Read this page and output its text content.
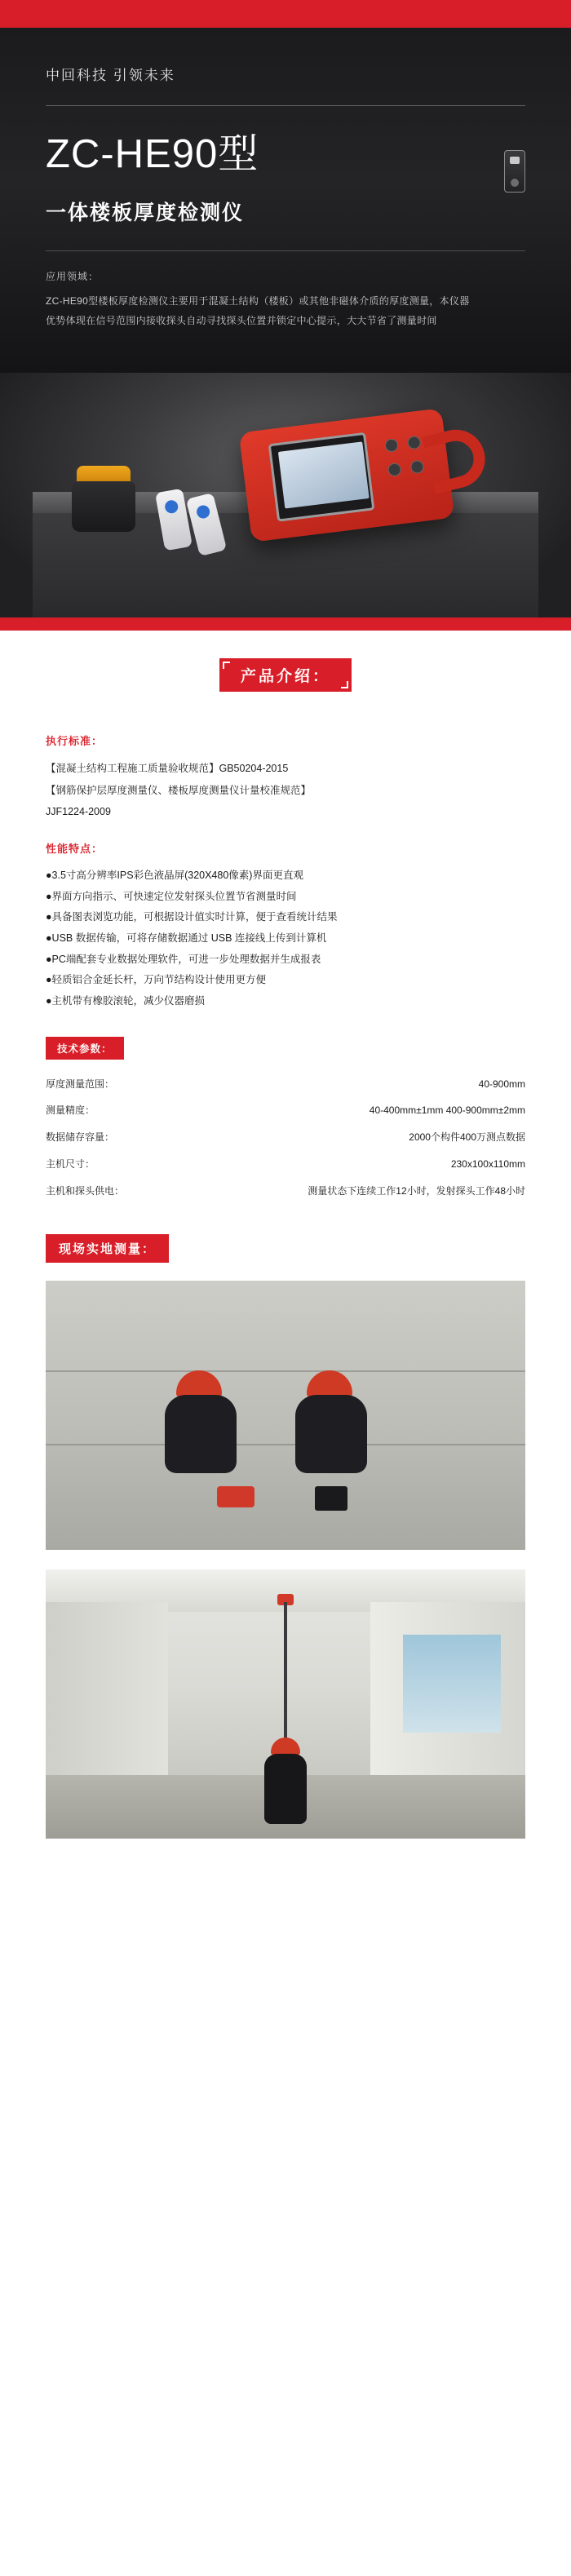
中回科技 引领未来
ZC-HE90型
一体楼板厚度检测仪
应用领域：
ZC-HE90型楼板厚度检测仪主要用于混凝土结构（楼板）或其他非磁体介质的厚度测量，本仪器优势体现在信号范围内接收探头自动寻找探头位置并锁定中心提示，大大节省了测量时间
产品介绍：
执行标准：
【混凝土结构工程施工质量验收规范】GB50204-2015
【钢筋保护层厚度测量仪、楼板厚度测量仪计量校准规范】
JJF1224-2009
性能特点：
●3.5寸高分辨率IPS彩色液晶屏(320X480像素)界面更直观
●界面方向指示、可快速定位发射探头位置节省测量时间
●具备图表浏览功能，可根据设计值实时计算，便于查看统计结果
●USB 数据传输，可将存储数据通过 USB 连接线上传到计算机
●PC端配套专业数据处理软件，可进一步处理数据并生成报表
●轻质铝合金延长杆，万向节结构设计使用更方便
●主机带有橡胶滚轮，减少仪器磨损
技术参数：
厚度测量范围：	40-900mm
测量精度：	40-400mm±1mm 400-900mm±2mm
数据储存容量：	2000个构件400万测点数据
主机尺寸：	230x100x110mm
主机和探头供电：	测量状态下连续工作12小时，发射探头工作48小时
现场实地测量：
